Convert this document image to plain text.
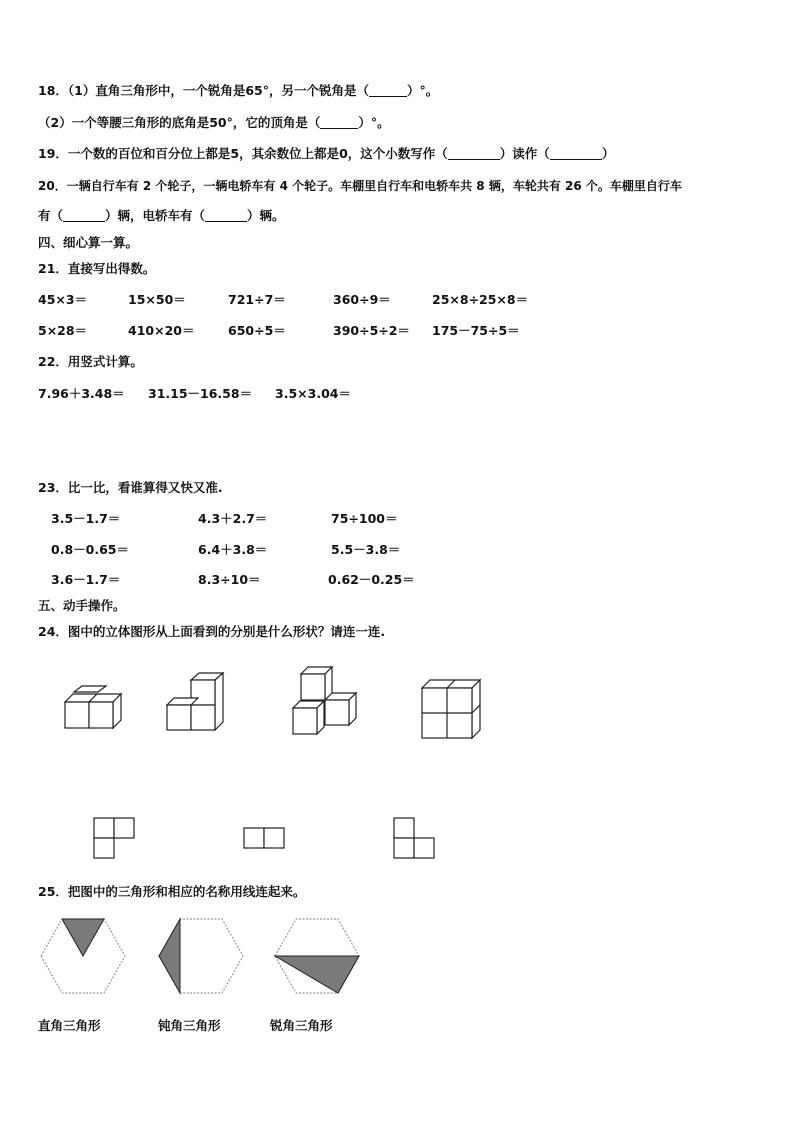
18．（1）直角三角形中，一个锐角是65°，另一个锐角是（	）°。
（2）一个等腰三角形的底角是50°，它的顶角是（	）°。
19．一个数的百位和百分位上都是5，其余数位上都是0，这个小数写作（	）读作（	）
20．一辆自行车有 2 个轮子，一辆电轿车有 4 个轮子。车棚里自行车和电轿车共 8 辆，车轮共有 26 个。车棚里自行车
有（	）辆，电轿车有（	）辆。
四、细心算一算。
21．直接写出得数。
45×3＝	15×50＝	721÷7＝	360÷9＝	25×8÷25×8＝
5×28＝	410×20＝	650÷5＝	390÷5÷2＝ 175－75÷5＝
22．用竖式计算。
7.96＋3.48＝ 31.15－16.58＝ 3.5×3.04＝
23．比一比，看谁算得又快又准.
3.5－1.7＝	4.3＋2.7＝	75÷100＝
0.8－0.65＝	6.4＋3.8＝	5.5－3.8＝
3.6－1.7＝	8.3÷10＝	0.62－0.25＝
五、动手操作。
24．图中的立体图形从上面看到的分别是什么形状？请连一连.
25．把图中的三角形和相应的名称用线连起来。
直角三角形	钝角三角形	锐角三角形
